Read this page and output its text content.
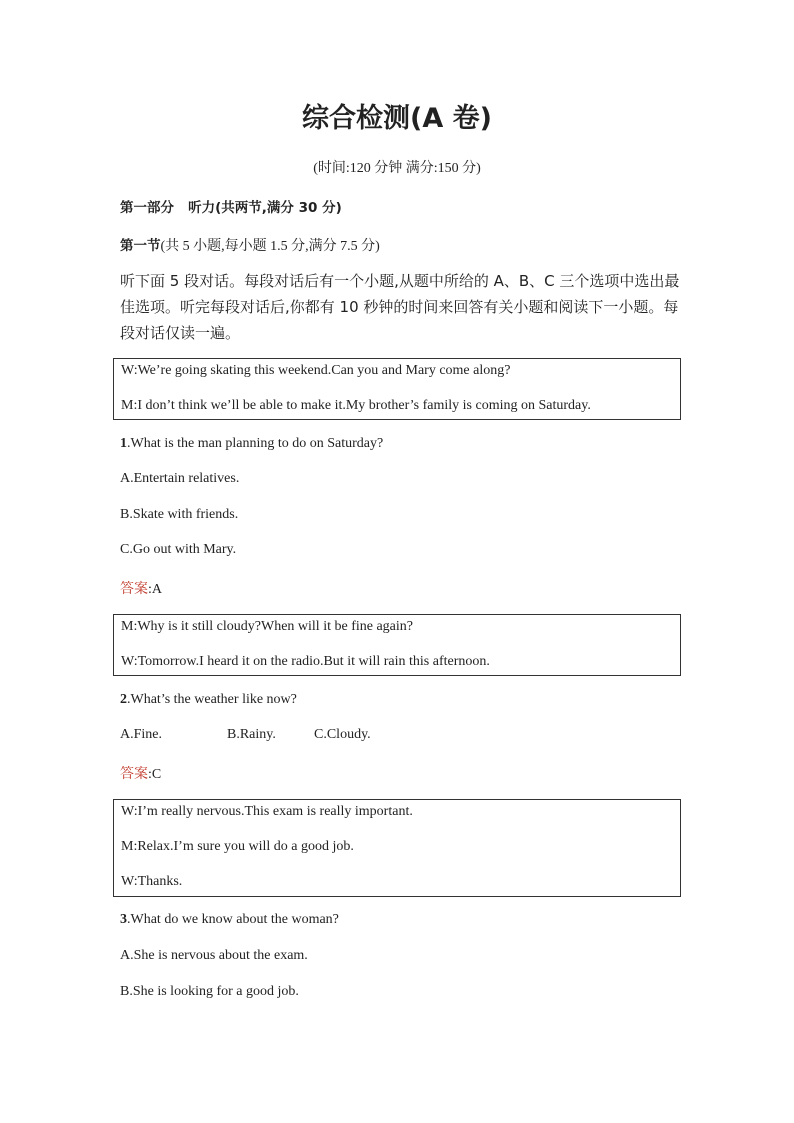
综合检测(A 卷)
(时间:120 分钟 满分:150 分)
第一部分 听力(共两节,满分 30 分)
第一节(共 5 小题,每小题 1.5 分,满分 7.5 分)
听下面 5 段对话。每段对话后有一个小题,从题中所给的 A、B、C 三个选项中选出最佳选项。听完每段对话后,你都有 10 秒钟的时间来回答有关小题和阅读下一小题。每段对话仅读一遍。
W:We’re going skating this weekend.Can you and Mary come along?
M:I don’t think we’ll be able to make it.My brother’s family is coming on Saturday.
1.What is the man planning to do on Saturday?
A.Entertain relatives.
B.Skate with friends.
C.Go out with Mary.
答案:A
M:Why is it still cloudy?When will it be fine again?
W:Tomorrow.I heard it on the radio.But it will rain this afternoon.
2.What’s the weather like now?
A.Fine.	B.Rainy.	C.Cloudy.
答案:C
W:I’m really nervous.This exam is really important.
M:Relax.I’m sure you will do a good job.
W:Thanks.
3.What do we know about the woman?
A.She is nervous about the exam.
B.She is looking for a good job.
